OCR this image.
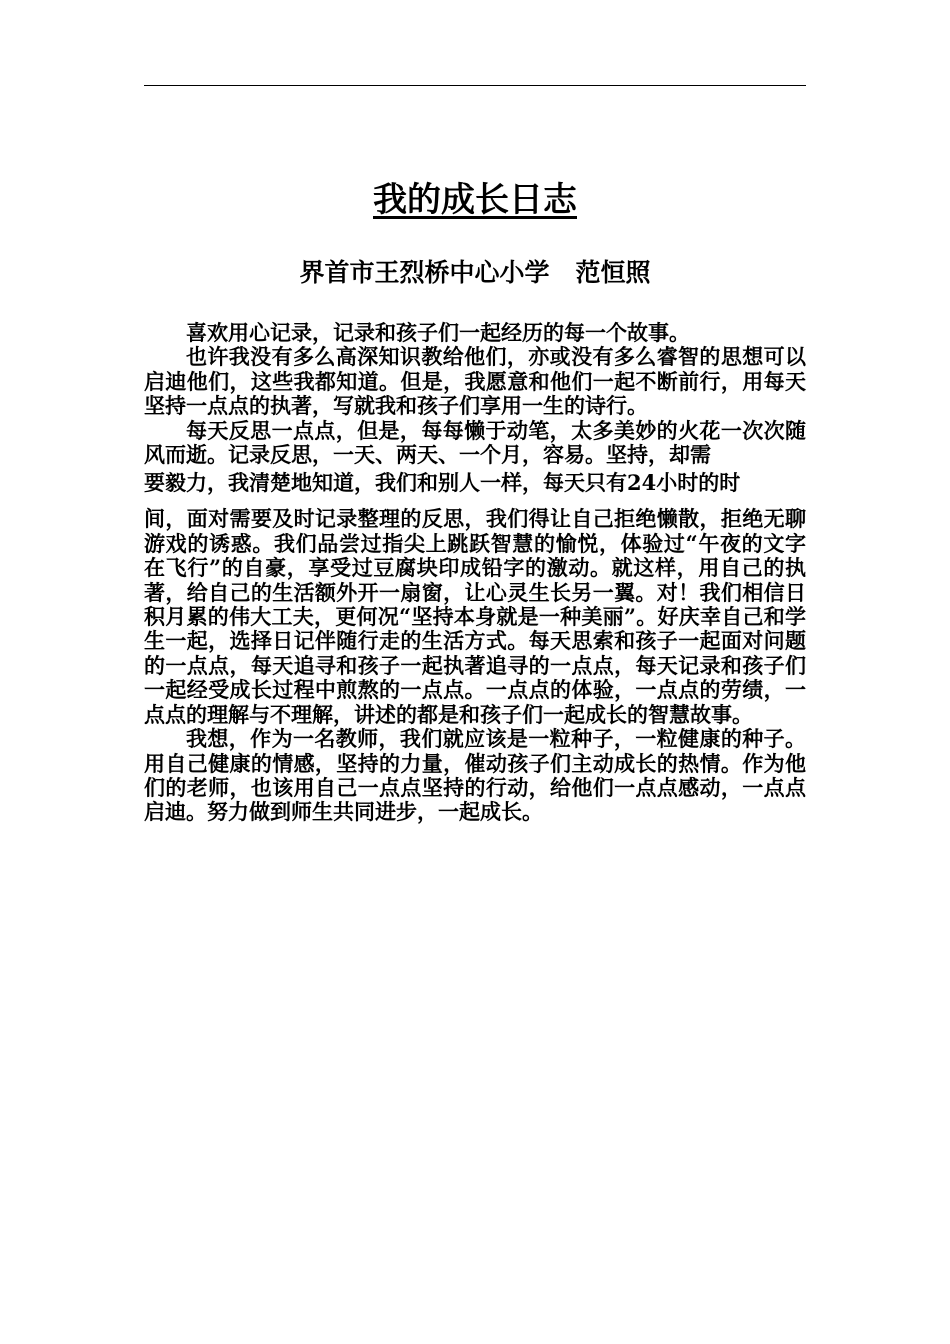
我的成长日志
界首市王烈桥中心小学   范恒照

喜欢用心记录，记录和孩子们一起经历的每一个故事。

也许我没有多么高深知识教给他们，亦或没有多么睿智的思想可以启迪他们，这些我都知道。但是，我愿意和他们一起不断前行，用每天坚持一点点的执著，写就我和孩子们享用一生的诗行。

每天反思一点点，但是，每每懒于动笔，太多美妙的火花一次次随风而逝。记录反思，一天、两天、一个月，容易。坚持，却需

要毅力，我清楚地知道，我们和别人一样，每天只有24小时的时

间，面对需要及时记录整理的反思，我们得让自己拒绝懒散，拒绝无聊游戏的诱惑。我们品尝过指尖上跳跃智慧的愉悦，体验过“午夜的文字在飞行”的自豪，享受过豆腐块印成铅字的激动。就这样，用自己的执著，给自己的生活额外开一扇窗，让心灵生长另一翼。对！我们相信日积月累的伟大工夫，更何况“坚持本身就是一种美丽”。好庆幸自己和学生一起，选择日记伴随行走的生活方式。每天思索和孩子一起面对问题的一点点，每天追寻和孩子一起执著追寻的一点点，每天记录和孩子们一起经受成长过程中煎熬的一点点。一点点的体验，一点点的劳绩，一点点的理解与不理解，讲述的都是和孩子们一起成长的智慧故事。

我想，作为一名教师，我们就应该是一粒种子，一粒健康的种子。用自己健康的情感，坚持的力量，催动孩子们主动成长的热情。作为他们的老师，也该用自己一点点坚持的行动，给他们一点点感动，一点点启迪。努力做到师生共同进步，一起成长。
